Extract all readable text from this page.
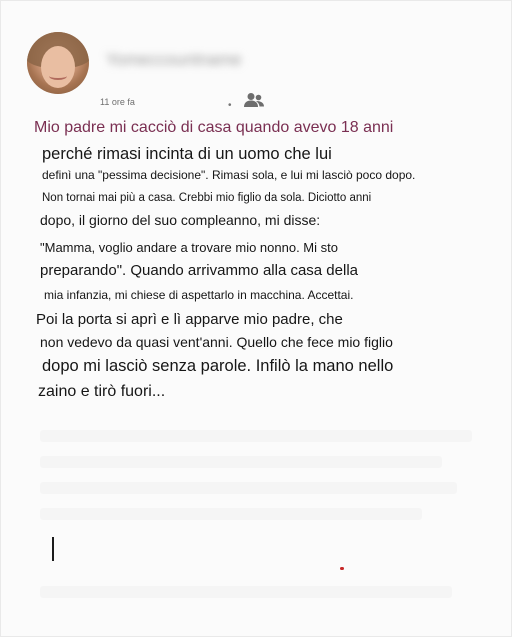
Yomeccountname
11 ore fa	•
Mio padre mi cacciò di casa quando avevo 18 anni
perché rimasi incinta di un uomo che lui
definì una "pessima decisione". Rimasi sola, e lui mi lasciò poco dopo.
Non tornai mai più a casa. Crebbi mio figlio da sola. Diciotto anni
dopo, il giorno del suo compleanno, mi disse:
"Mamma, voglio andare a trovare mio nonno. Mi sto
preparando". Quando arrivammo alla casa della
mia infanzia, mi chiese di aspettarlo in macchina. Accettai.
Poi la porta si aprì e lì apparve mio padre, che
non vedevo da quasi vent'anni. Quello che fece mio figlio
dopo mi lasciò senza parole. Infilò la mano nello
zaino e tirò fuori...
